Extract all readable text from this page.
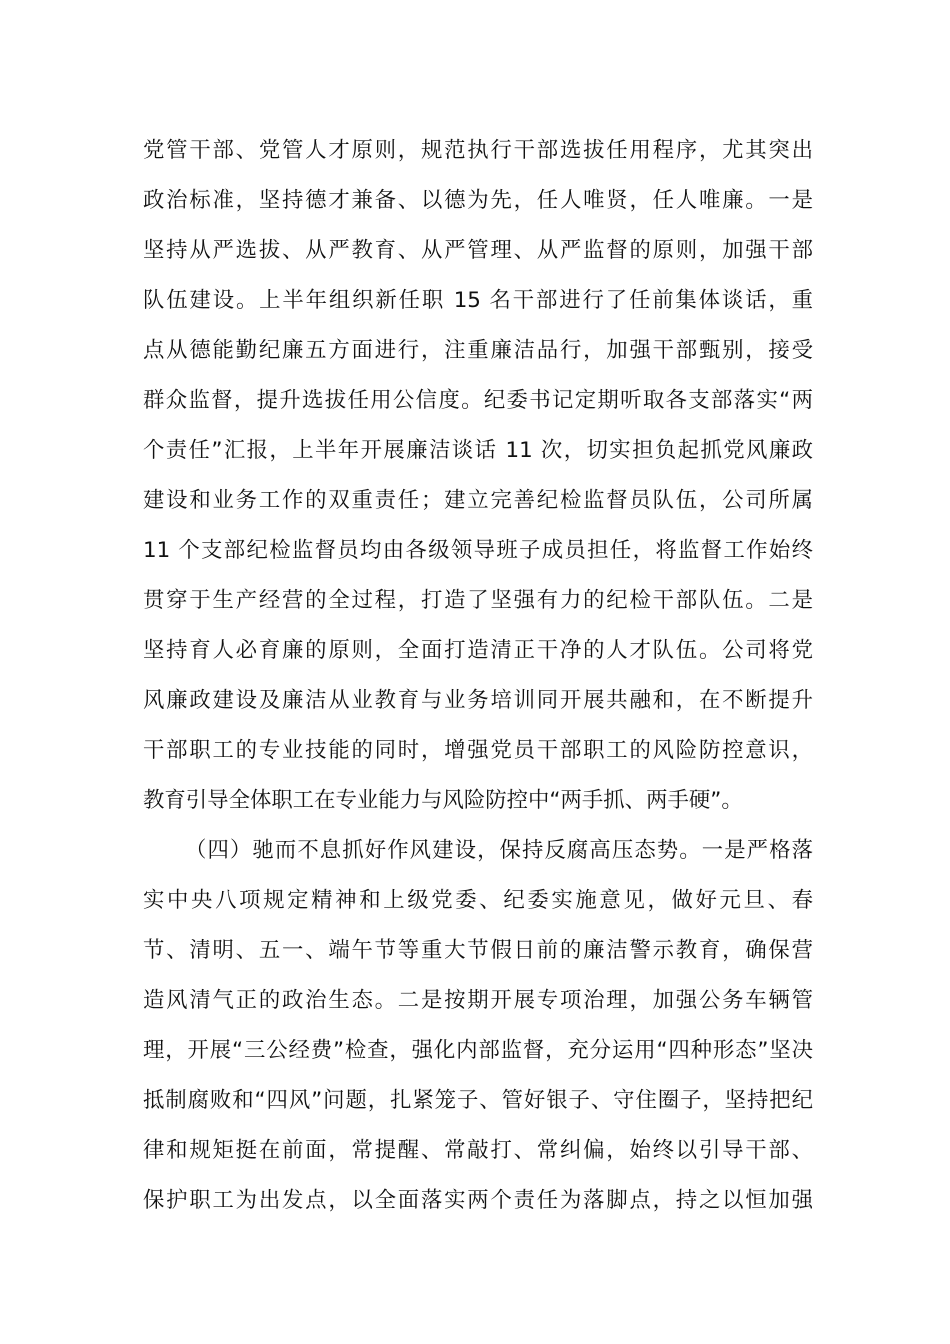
党管干部、党管人才原则，规范执行干部选拔任用程序，尤其突出
政治标准，坚持德才兼备、以德为先，任人唯贤，任人唯廉。一是
坚持从严选拔、从严教育、从严管理、从严监督的原则，加强干部
队伍建设。上半年组织新任职 15 名干部进行了任前集体谈话，重
点从德能勤纪廉五方面进行，注重廉洁品行，加强干部甄别，接受
群众监督，提升选拔任用公信度。纪委书记定期听取各支部落实“两
个责任”汇报，上半年开展廉洁谈话 11 次，切实担负起抓党风廉政
建设和业务工作的双重责任；建立完善纪检监督员队伍，公司所属
11 个支部纪检监督员均由各级领导班子成员担任，将监督工作始终
贯穿于生产经营的全过程，打造了坚强有力的纪检干部队伍。二是
坚持育人必育廉的原则，全面打造清正干净的人才队伍。公司将党
风廉政建设及廉洁从业教育与业务培训同开展共融和，在不断提升
干部职工的专业技能的同时，增强党员干部职工的风险防控意识，
教育引导全体职工在专业能力与风险防控中“两手抓、两手硬”。
（四）驰而不息抓好作风建设，保持反腐高压态势。一是严格落
实中央八项规定精神和上级党委、纪委实施意见，做好元旦、春
节、清明、五一、端午节等重大节假日前的廉洁警示教育，确保营
造风清气正的政治生态。二是按期开展专项治理，加强公务车辆管
理，开展“三公经费”检查，强化内部监督，充分运用“四种形态”坚决
抵制腐败和“四风”问题，扎紧笼子、管好银子、守住圈子，坚持把纪
律和规矩挺在前面，常提醒、常敲打、常纠偏，始终以引导干部、
保护职工为出发点，以全面落实两个责任为落脚点，持之以恒加强
